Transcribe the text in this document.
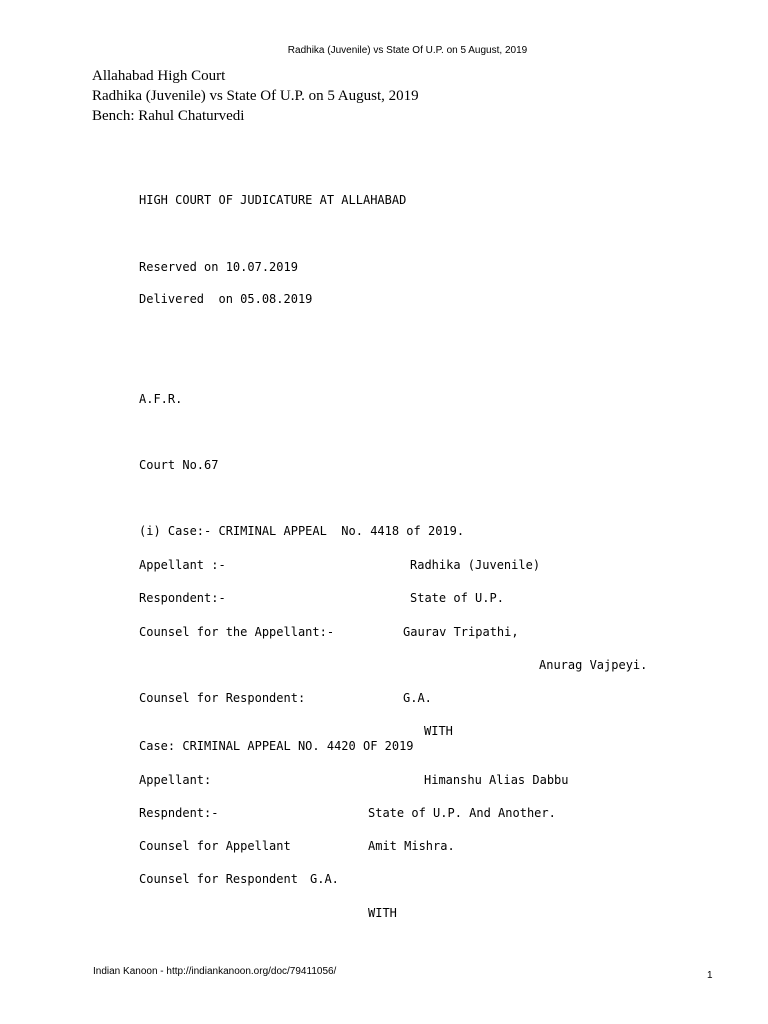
Radhika (Juvenile) vs State Of U.P. on 5 August, 2019
Allahabad High Court
Radhika (Juvenile) vs State Of U.P. on 5 August, 2019
Bench: Rahul Chaturvedi
HIGH COURT OF JUDICATURE AT ALLAHABAD
Reserved on 10.07.2019
Delivered  on 05.08.2019
A.F.R.
Court No.67
(i) Case:- CRIMINAL APPEAL  No. 4418 of 2019.
Appellant :-	Radhika (Juvenile)
Respondent:-	State of U.P.
Counsel for the Appellant:-	Gaurav Tripathi,
Anurag Vajpeyi.
Counsel for Respondent:	G.A.
WITH
Case: CRIMINAL APPEAL NO. 4420 OF 2019
Appellant:	Himanshu Alias Dabbu
Respndent:-	State of U.P. And Another.
Counsel for Appellant	Amit Mishra.
Counsel for Respondent G.A.
WITH
Indian Kanoon - http://indiankanoon.org/doc/79411056/	1
